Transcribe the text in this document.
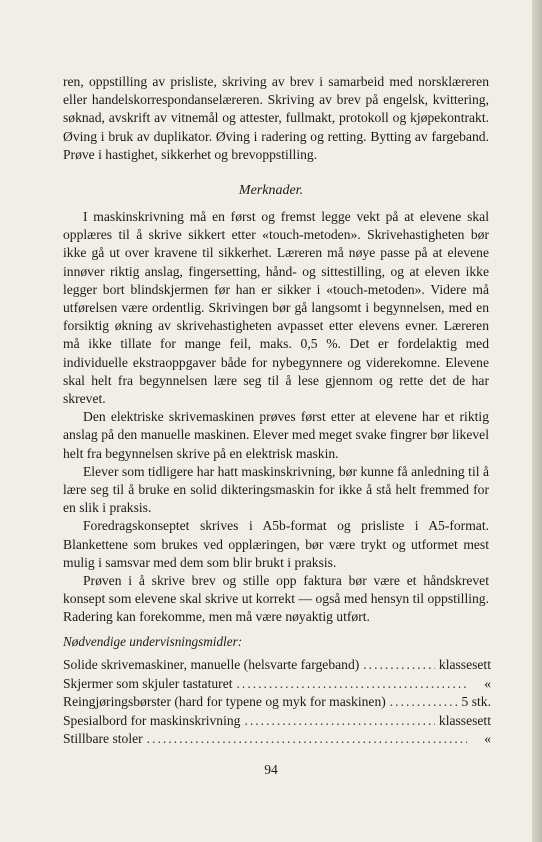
ren, oppstilling av prisliste, skriving av brev i samarbeid med norsklæreren eller handelskorrespondanselæreren. Skriving av brev på engelsk, kvittering, søknad, avskrift av vitnemål og attester, fullmakt, protokoll og kjøpekontrakt. Øving i bruk av duplikator. Øving i radering og retting. Bytting av fargeband. Prøve i hastighet, sikkerhet og brevoppstilling.

Merknader.

I maskinskrivning må en først og fremst legge vekt på at elevene skal opplæres til å skrive sikkert etter «touch-metoden». Skrivehastigheten bør ikke gå ut over kravene til sikkerhet. Læreren må nøye passe på at elevene innøver riktig anslag, fingersetting, hånd- og sittestilling, og at eleven ikke legger bort blindskjermen før han er sikker i «touch-metoden». Videre må utførelsen være ordentlig. Skrivingen bør gå langsomt i begynnelsen, med en forsiktig økning av skrivehastigheten avpasset etter elevens evner. Læreren må ikke tillate for mange feil, maks. 0,5 %. Det er fordelaktig med individuelle ekstraoppgaver både for nybegynnere og viderekomne. Elevene skal helt fra begynnelsen lære seg til å lese gjennom og rette det de har skrevet.

Den elektriske skrivemaskinen prøves først etter at elevene har et riktig anslag på den manuelle maskinen. Elever med meget svake fingrer bør likevel helt fra begynnelsen skrive på en elektrisk maskin.

Elever som tidligere har hatt maskinskrivning, bør kunne få anledning til å lære seg til å bruke en solid dikteringsmaskin for ikke å stå helt fremmed for en slik i praksis.

Foredragskonseptet skrives i A5b-format og prisliste i A5-format. Blankettene som brukes ved opplæringen, bør være trykt og utformet mest mulig i samsvar med dem som blir brukt i praksis.

Prøven i å skrive brev og stille opp faktura bør være et håndskrevet konsept som elevene skal skrive ut korrekt — også med hensyn til oppstilling. Radering kan forekomme, men må være nøyaktig utført.

Nødvendige undervisningsmidler:
Solide skrivemaskiner, manuelle (helsvarte fargeband) .....	klassesett
Skjermer som skjuler tastaturet .....	«
Reingjøringsbørster (hard for typene og myk for maskinen) .....	5 stk.
Spesialbord for maskinskrivning .....	klassesett
Stillbare stoler .....	«
94
